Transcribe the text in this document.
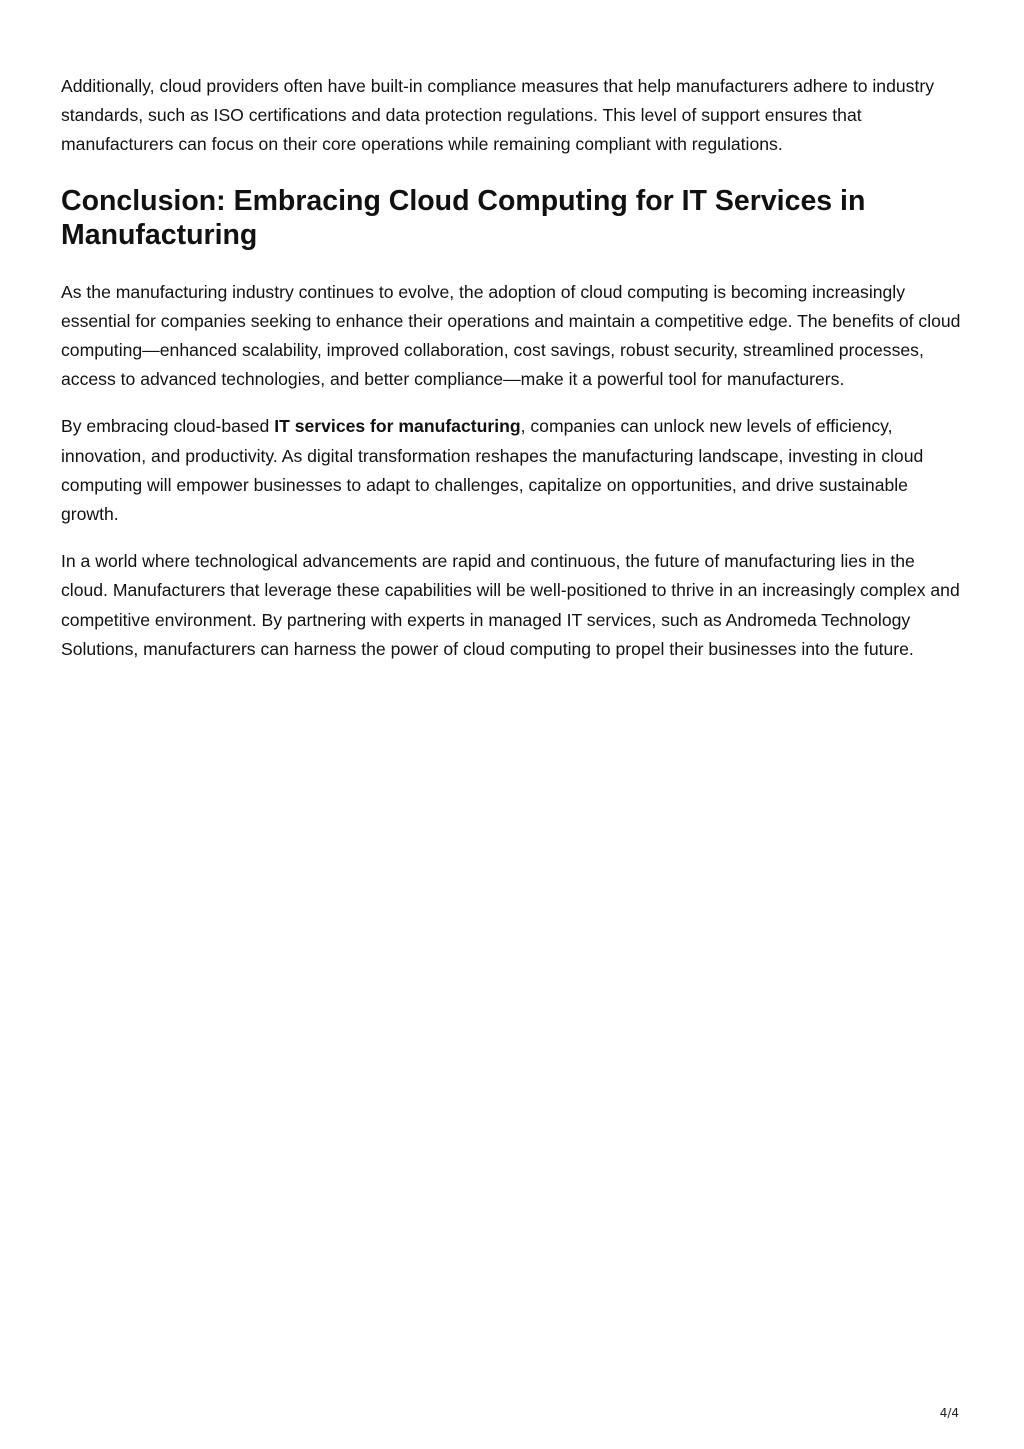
Additionally, cloud providers often have built-in compliance measures that help manufacturers adhere to industry standards, such as ISO certifications and data protection regulations. This level of support ensures that manufacturers can focus on their core operations while remaining compliant with regulations.

Conclusion: Embracing Cloud Computing for IT Services in Manufacturing

As the manufacturing industry continues to evolve, the adoption of cloud computing is becoming increasingly essential for companies seeking to enhance their operations and maintain a competitive edge. The benefits of cloud computing—enhanced scalability, improved collaboration, cost savings, robust security, streamlined processes, access to advanced technologies, and better compliance—make it a powerful tool for manufacturers.

By embracing cloud-based IT services for manufacturing, companies can unlock new levels of efficiency, innovation, and productivity. As digital transformation reshapes the manufacturing landscape, investing in cloud computing will empower businesses to adapt to challenges, capitalize on opportunities, and drive sustainable growth.

In a world where technological advancements are rapid and continuous, the future of manufacturing lies in the cloud. Manufacturers that leverage these capabilities will be well-positioned to thrive in an increasingly complex and competitive environment. By partnering with experts in managed IT services, such as Andromeda Technology Solutions, manufacturers can harness the power of cloud computing to propel their businesses into the future.

4/4
